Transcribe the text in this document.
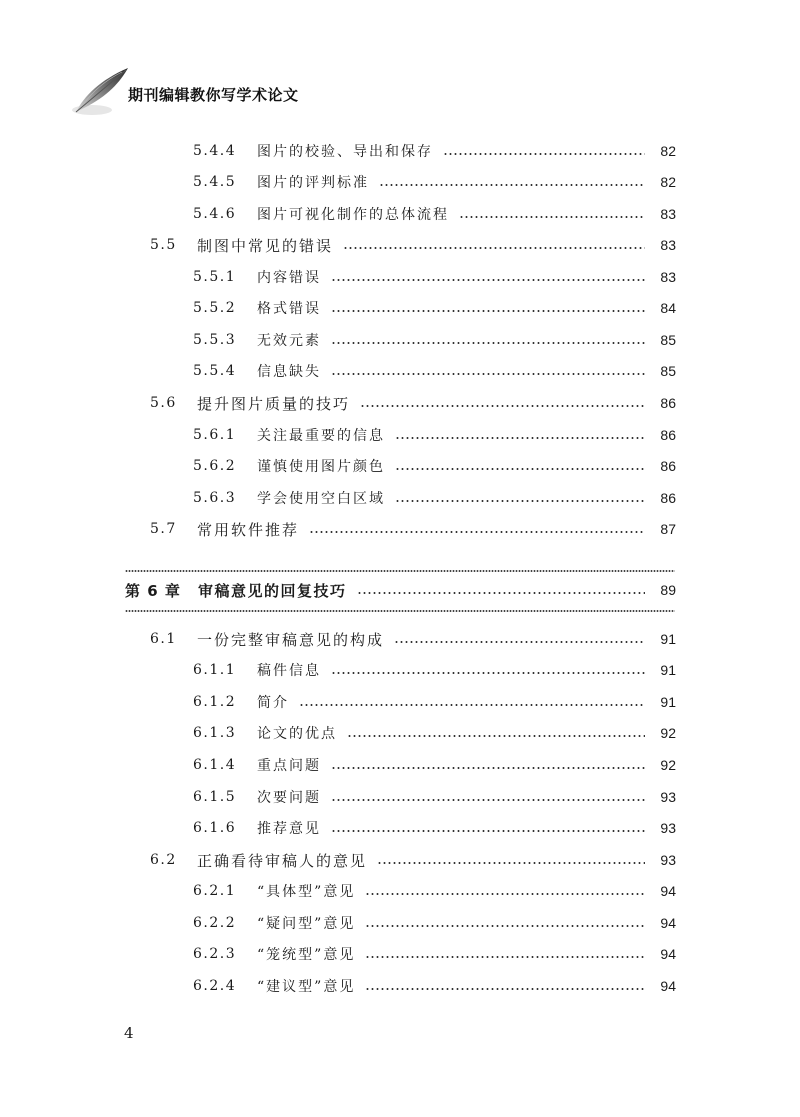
期刊编辑教你写学术论文
5.4.4 图片的校验、导出和保存	82
5.4.5 图片的评判标准	82
5.4.6 图片可视化制作的总体流程	83
5.5 制图中常见的错误	83
5.5.1 内容错误	83
5.5.2 格式错误	84
5.5.3 无效元素	85
5.5.4 信息缺失	85
5.6 提升图片质量的技巧	86
5.6.1 关注最重要的信息	86
5.6.2 谨慎使用图片颜色	86
5.6.3 学会使用空白区域	86
5.7 常用软件推荐	87
第 6 章 审稿意见的回复技巧	89
6.1 一份完整审稿意见的构成	91
6.1.1 稿件信息	91
6.1.2 简介	91
6.1.3 论文的优点	92
6.1.4 重点问题	92
6.1.5 次要问题	93
6.1.6 推荐意见	93
6.2 正确看待审稿人的意见	93
6.2.1 “具体型”意见	94
6.2.2 “疑问型”意见	94
6.2.3 “笼统型”意见	94
6.2.4 “建议型”意见	94
4
